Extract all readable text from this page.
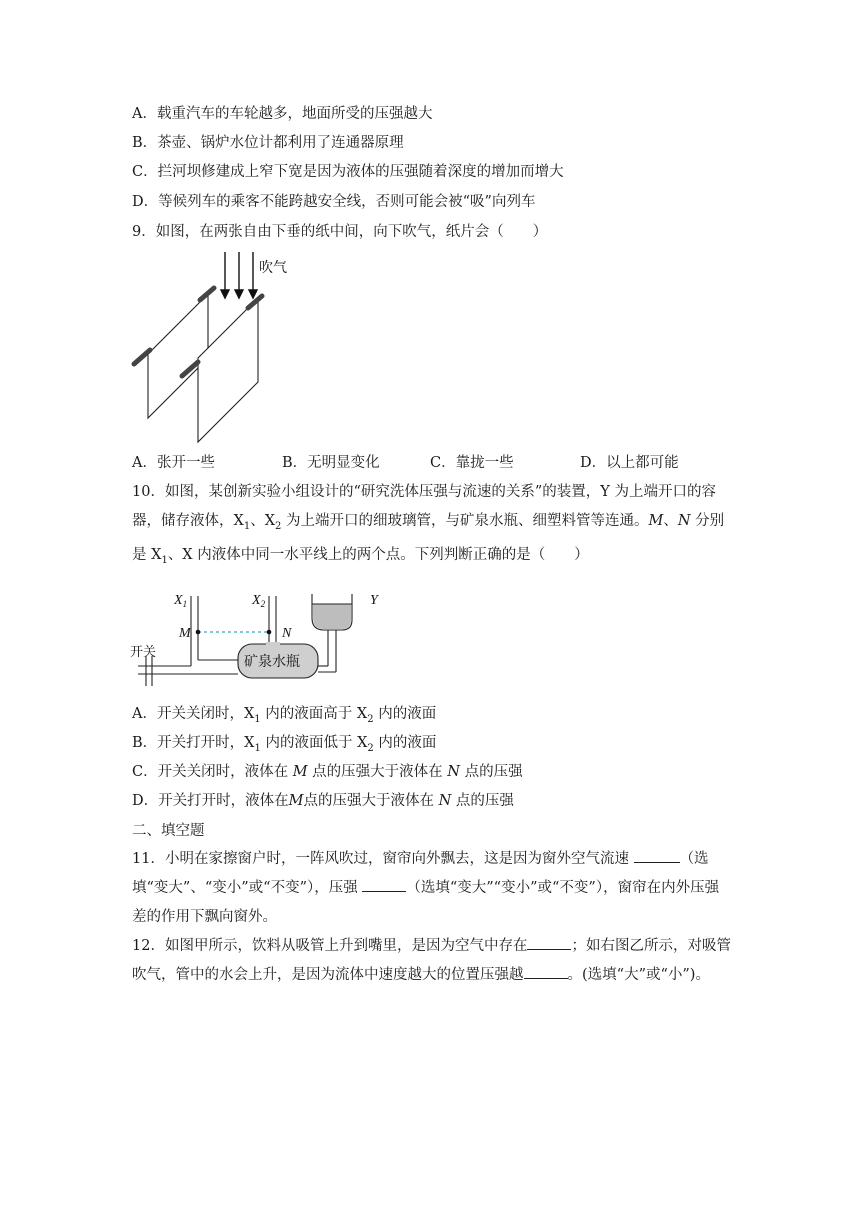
A．载重汽车的车轮越多，地面所受的压强越大
B．茶壶、锅炉水位计都利用了连通器原理
C．拦河坝修建成上窄下宽是因为液体的压强随着深度的增加而增大
D．等候列车的乘客不能跨越安全线，否则可能会被“吸”向列车
9．如图，在两张自由下垂的纸中间，向下吹气，纸片会（　　）
吹气
A．张开一些	B．无明显变化	C．靠拢一些	D．以上都可能
10．如图，某创新实验小组设计的“研究洗体压强与流速的关系”的装置，Y 为上端开口的容器，储存液体，$X_1$、$X_2$ 为上端开口的细玻璃管，与矿泉水瓶、细塑料管等连通。M、N 分别是 $X_1$、X 内液体中同一水平线上的两个点。下列判断正确的是（　　）
$X_1$	$X_2$	Y
M	N
开关
矿泉水瓶
A．开关关闭时，$X_1$ 内的液面高于 $X_2$ 内的液面
B．开关打开时，$X_1$ 内的液面低于 $X_2$ 内的液面
C．开关关闭时，液体在 M 点的压强大于液体在 N 点的压强
D．开关打开时，液体在M点的压强大于液体在 N 点的压强
二、填空题
11．小明在家擦窗户时，一阵风吹过，窗帘向外飘去，这是因为窗外空气流速	（选填“变大”、“变小”或“不变”），压强	（选填“变大”“变小”或“不变”），窗帘在内外压强差的作用下飘向窗外。
12．如图甲所示，饮料从吸管上升到嘴里，是因为空气中存在	；如右图乙所示，对吸管吹气，管中的水会上升，是因为流体中速度越大的位置压强越	。(选填“大”或“小”)。
